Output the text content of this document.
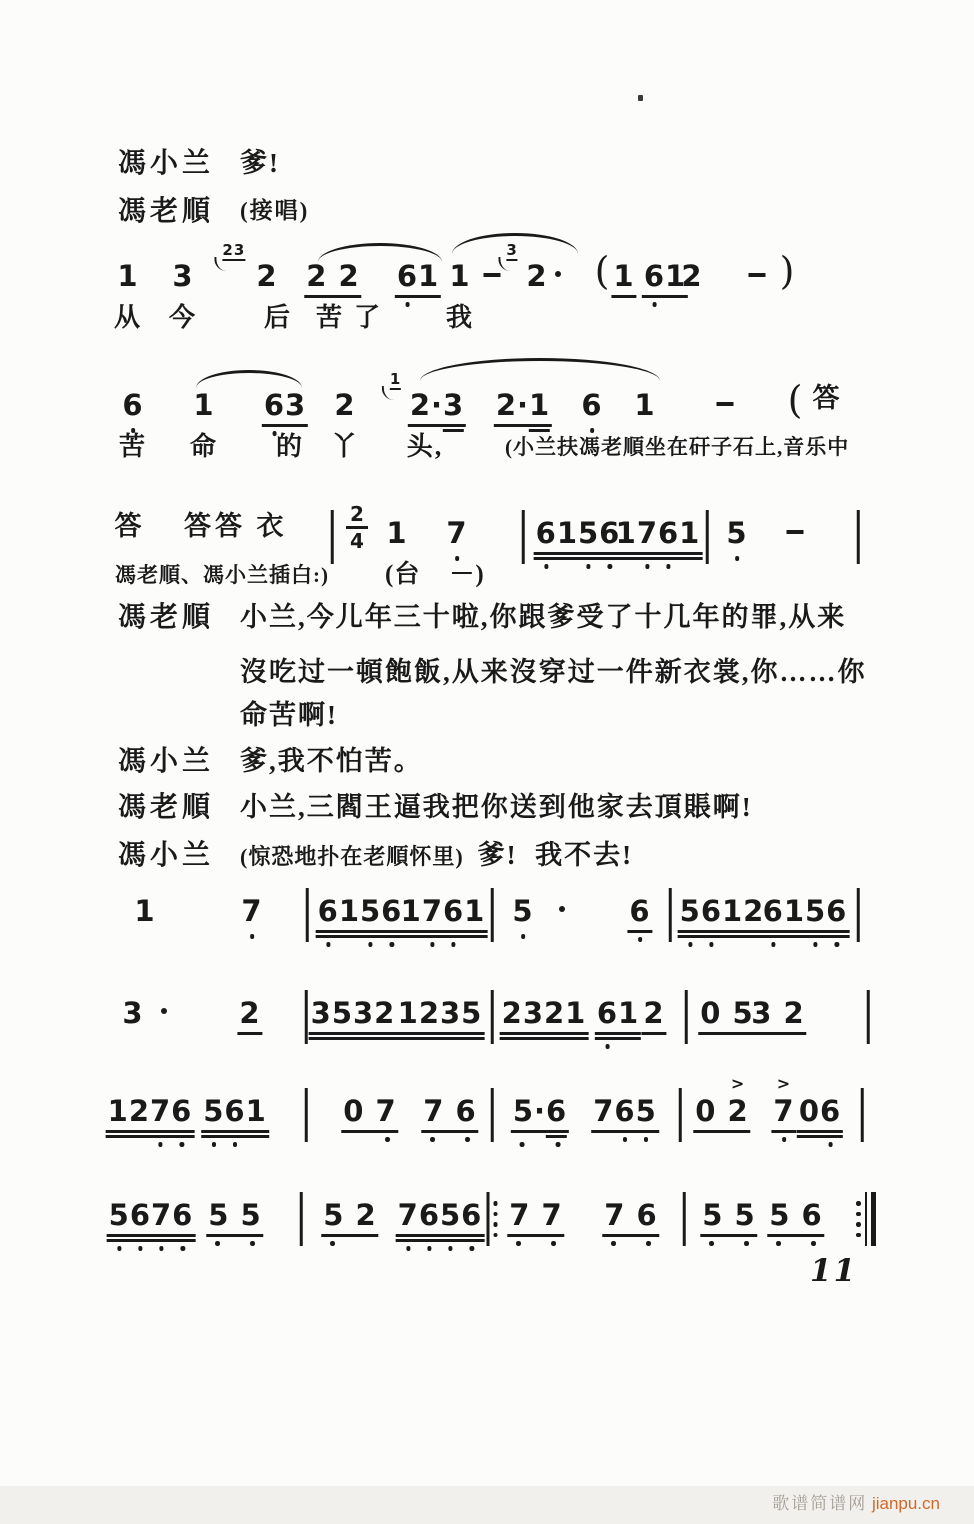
馮小兰 爹!
馮老順 (接唱)
馮老順 小兰,今儿年三十啦,你跟爹受了十几年的罪,从来
沒吃过一頓飽飯,从来沒穿过一件新衣裳,你……你
命苦啊!
馮小兰 爹,我不怕苦。
馮老順 小兰,三閻王逼我把你送到他家去頂賬啊!
馮小兰 (惊恐地扑在老順怀里) 爹!  我不去!
1 3 2
23
2 2 61 1 2
3 ( 1 61
2 )
从 今	后 苦 了 我
6 1 63 2 2·3
1
2·1 6 1	( 答
苦 命 的 丫 头,	(小兰扶馮老順坐在矸子石上,音乐中
答 答答 衣	2
4 1 7 6156
1761 5
馮老順、馮小兰插白:) (台    －)
1	7 6156
1761 5	6 5612
6156
3	2 3532 1235 2321 61 2 0 5
3 2
1276 561	0 7 7 6 5·6 765 0 2
>
7
>
06
5676 5 5 5 2 7656 7 7 7 6 5 5 5 6
11
歌谱简谱网 jianpu.cn
